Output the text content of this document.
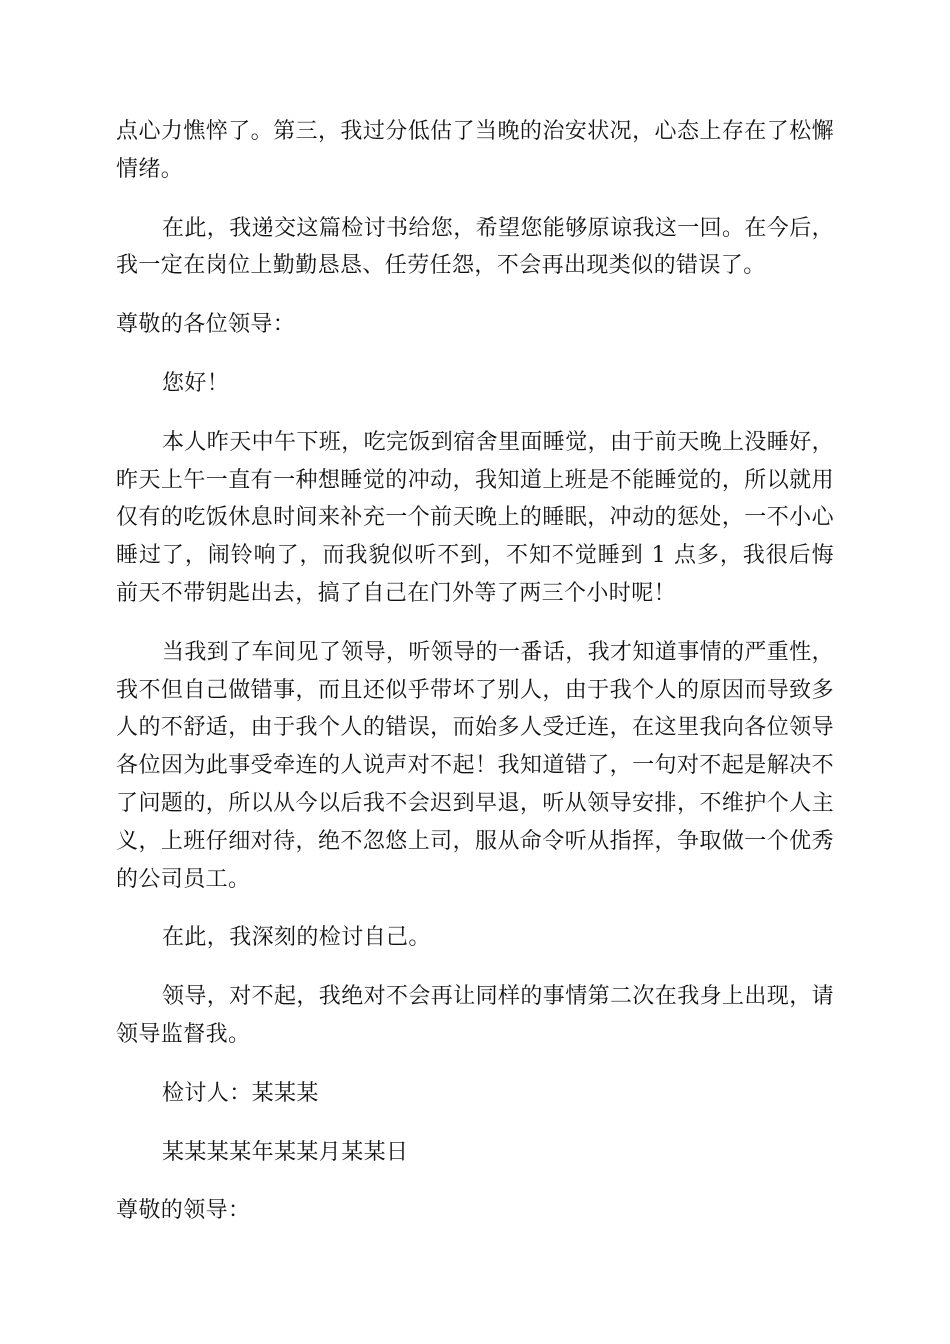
点心力憔悴了。第三，我过分低估了当晚的治安状况，心态上存在了松懈情绪。

在此，我递交这篇检讨书给您，希望您能够原谅我这一回。在今后，我一定在岗位上勤勤恳恳、任劳任怨，不会再出现类似的错误了。

尊敬的各位领导：

您好！

本人昨天中午下班，吃完饭到宿舍里面睡觉，由于前天晚上没睡好，昨天上午一直有一种想睡觉的冲动，我知道上班是不能睡觉的，所以就用仅有的吃饭休息时间来补充一个前天晚上的睡眠，冲动的惩处，一不小心睡过了，闹铃响了，而我貌似听不到，不知不觉睡到 1 点多，我很后悔前天不带钥匙出去，搞了自己在门外等了两三个小时呢！

当我到了车间见了领导，听领导的一番话，我才知道事情的严重性，我不但自己做错事，而且还似乎带坏了别人，由于我个人的原因而导致多人的不舒适，由于我个人的错误，而始多人受迁连，在这里我向各位领导各位因为此事受牵连的人说声对不起！我知道错了，一句对不起是解决不了问题的，所以从今以后我不会迟到早退，听从领导安排，不维护个人主义，上班仔细对待，绝不忽悠上司，服从命令听从指挥，争取做一个优秀的公司员工。

在此，我深刻的检讨自己。

领导，对不起，我绝对不会再让同样的事情第二次在我身上出现，请领导监督我。

检讨人：某某某

某某某某年某某月某某日

尊敬的领导：
